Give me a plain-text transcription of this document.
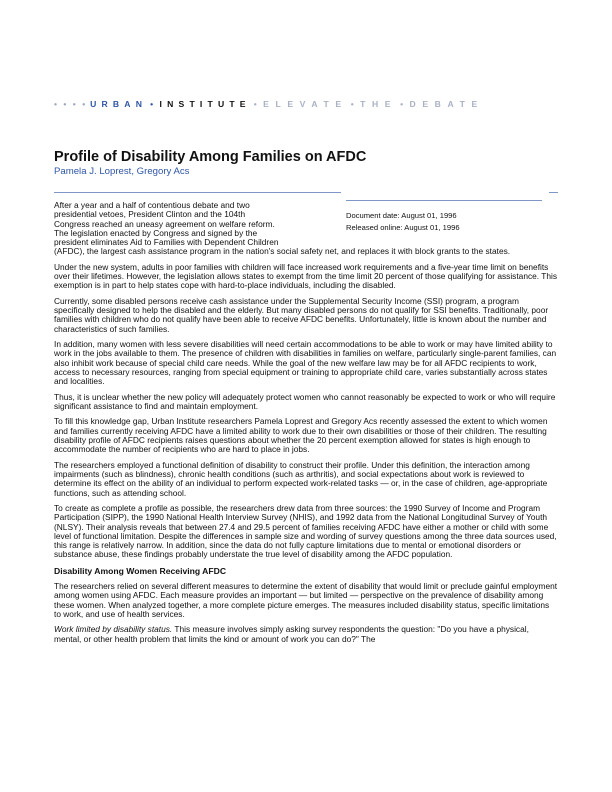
• • • • URBAN • INSTITUTE • ELEVATE • THE • DEBATE
Profile of Disability Among Families on AFDC
Pamela J. Loprest, Gregory Acs
Document date: August 01, 1996
Released online: August 01, 1996
After a year and a half of contentious debate and two
presidential vetoes, President Clinton and the 104th
Congress reached an uneasy agreement on welfare reform.
The legislation enacted by Congress and signed by the
president eliminates Aid to Families with Dependent Children

(AFDC), the largest cash assistance program in the nation's social safety net, and replaces it with block grants to the states.

Under the new system, adults in poor families with children will face increased work requirements and a five-year time limit on benefits over their lifetimes. However, the legislation allows states to exempt from the time limit 20 percent of those qualifying for assistance. This exemption is in part to help states cope with hard-to-place individuals, including the disabled.

Currently, some disabled persons receive cash assistance under the Supplemental Security Income (SSI) program, a program specifically designed to help the disabled and the elderly. But many disabled persons do not qualify for SSI benefits. Traditionally, poor families with children who do not qualify have been able to receive AFDC benefits. Unfortunately, little is known about the number and characteristics of such families.

In addition, many women with less severe disabilities will need certain accommodations to be able to work or may have limited ability to work in the jobs available to them. The presence of children with disabilities in families on welfare, particularly single-parent families, can also inhibit work because of special child care needs. While the goal of the new welfare law may be for all AFDC recipients to work, access to necessary resources, ranging from special equipment or training to appropriate child care, varies substantially across states and localities.

Thus, it is unclear whether the new policy will adequately protect women who cannot reasonably be expected to work or who will require significant assistance to find and maintain employment.

To fill this knowledge gap, Urban Institute researchers Pamela Loprest and Gregory Acs recently assessed the extent to which women and families currently receiving AFDC have a limited ability to work due to their own disabilities or those of their children. The resulting disability profile of AFDC recipients raises questions about whether the 20 percent exemption allowed for states is high enough to accommodate the number of recipients who are hard to place in jobs.

The researchers employed a functional definition of disability to construct their profile. Under this definition, the interaction among impairments (such as blindness), chronic health conditions (such as arthritis), and social expectations about work is reviewed to determine its effect on the ability of an individual to perform expected work-related tasks — or, in the case of children, age-appropriate functions, such as attending school.

To create as complete a profile as possible, the researchers drew data from three sources: the 1990 Survey of Income and Program Participation (SIPP), the 1990 National Health Interview Survey (NHIS), and 1992 data from the National Longitudinal Survey of Youth (NLSY). Their analysis reveals that between 27.4 and 29.5 percent of families receiving AFDC have either a mother or child with some level of functional limitation. Despite the differences in sample size and wording of survey questions among the three data sources used, this range is relatively narrow. In addition, since the data do not fully capture limitations due to mental or emotional disorders or substance abuse, these findings probably understate the true level of disability among the AFDC population.

Disability Among Women Receiving AFDC

The researchers relied on several different measures to determine the extent of disability that would limit or preclude gainful employment among women using AFDC. Each measure provides an important — but limited — perspective on the prevalence of disability among these women. When analyzed together, a more complete picture emerges. The measures included disability status, specific limitations to work, and use of health services.

Work limited by disability status. This measure involves simply asking survey respondents the question: "Do you have a physical, mental, or other health problem that limits the kind or amount of work you can do?" The
